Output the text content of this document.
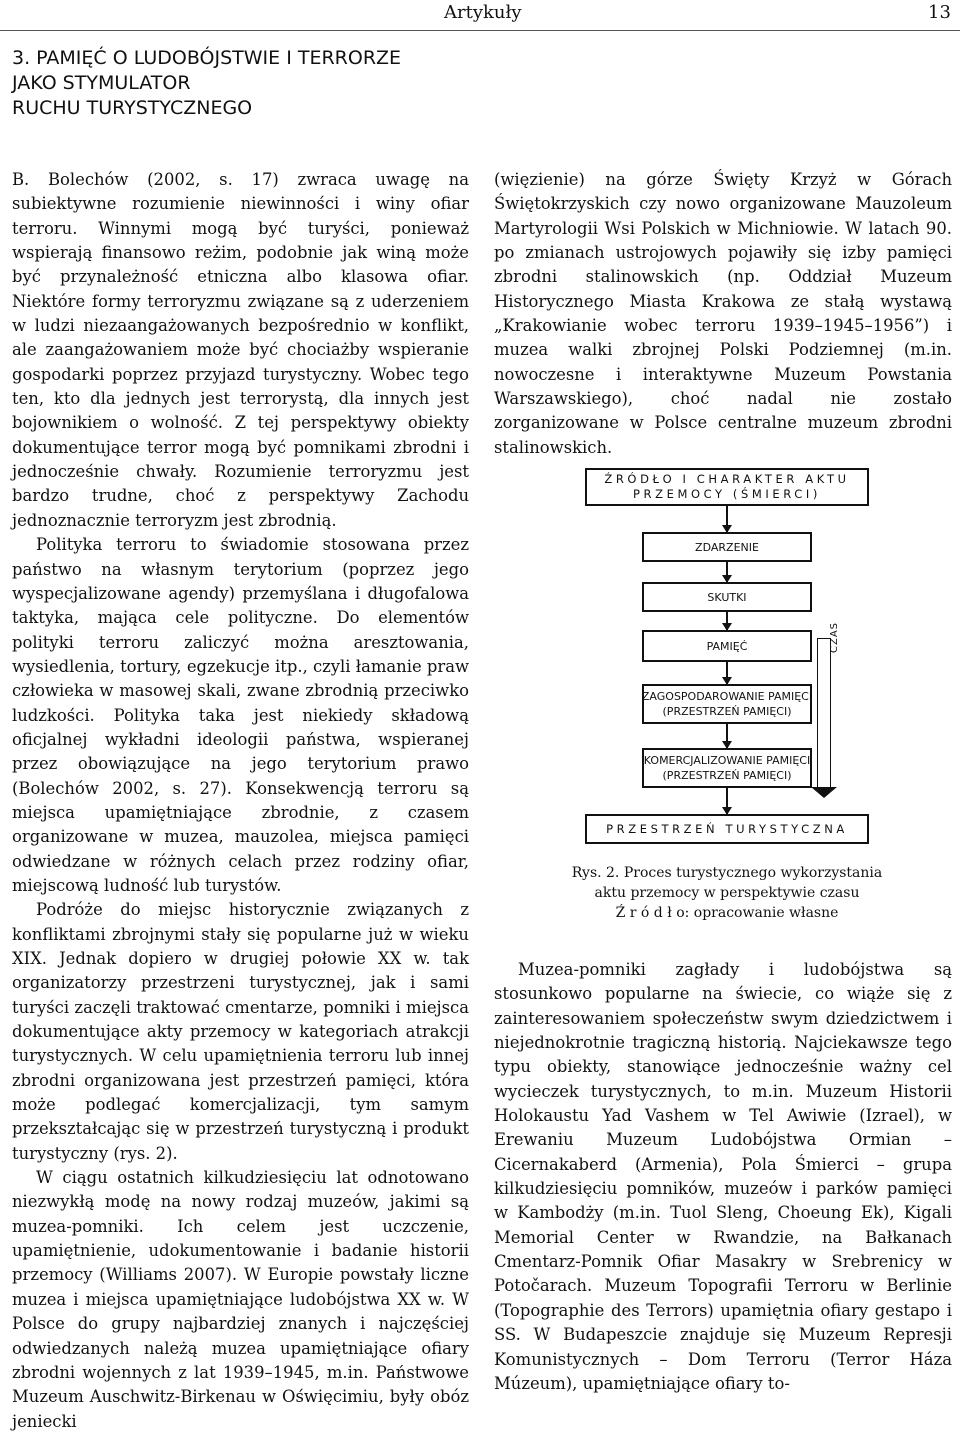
Artykuły	13
3. PAMIĘĆ O LUDOBÓJSTWIE I TERRORZE
JAKO STYMULATOR
RUCHU TURYSTYCZNEGO

B. Bolechów (2002, s. 17) zwraca uwagę na subiektywne rozumienie niewinności i winy ofiar terroru. Winnymi mogą być turyści, ponieważ wspierają finansowo reżim, podobnie jak winą może być przynależność etniczna albo klasowa ofiar. Niektóre formy terroryzmu związane są z uderzeniem w ludzi niezaangażowanych bezpośrednio w konflikt, ale zaangażowaniem może być chociażby wspieranie gospodarki poprzez przyjazd turystyczny. Wobec tego ten, kto dla jednych jest terrorystą, dla innych jest bojownikiem o wolność. Z tej perspektywy obiekty dokumentujące terror mogą być pomnikami zbrodni i jednocześnie chwały. Rozumienie terroryzmu jest bardzo trudne, choć z perspektywy Zachodu jednoznacznie terroryzm jest zbrodnią.

Polityka terroru to świadomie stosowana przez państwo na własnym terytorium (poprzez jego wyspecjalizowane agendy) przemyślana i długofalowa taktyka, mająca cele polityczne. Do elementów polityki terroru zaliczyć można aresztowania, wysiedlenia, tortury, egzekucje itp., czyli łamanie praw człowieka w masowej skali, zwane zbrodnią przeciwko ludzkości. Polityka taka jest niekiedy składową oficjalnej wykładni ideologii państwa, wspieranej przez obowiązujące na jego terytorium prawo (Bolechów 2002, s. 27). Konsekwencją terroru są miejsca upamiętniające zbrodnie, z czasem organizowane w muzea, mauzolea, miejsca pamięci odwiedzane w różnych celach przez rodziny ofiar, miejscową ludność lub turystów.

Podróże do miejsc historycznie związanych z konfliktami zbrojnymi stały się popularne już w wieku XIX. Jednak dopiero w drugiej połowie XX w. tak organizatorzy przestrzeni turystycznej, jak i sami turyści zaczęli traktować cmentarze, pomniki i miejsca dokumentujące akty przemocy w kategoriach atrakcji turystycznych. W celu upamiętnienia terroru lub innej zbrodni organizowana jest przestrzeń pamięci, która może podlegać komercjalizacji, tym samym przekształcając się w przestrzeń turystyczną i produkt turystyczny (rys. 2).

W ciągu ostatnich kilkudziesięciu lat odnotowano niezwykłą modę na nowy rodzaj muzeów, jakimi są muzea-pomniki. Ich celem jest uczczenie, upamiętnienie, udokumentowanie i badanie historii przemocy (Williams 2007). W Europie powstały liczne muzea i miejsca upamiętniające ludobójstwa XX w. W Polsce do grupy najbardziej znanych i najczęściej odwiedzanych należą muzea upamiętniające ofiary zbrodni wojennych z lat 1939–1945, m.in. Państwowe Muzeum Auschwitz-Birkenau w Oświęcimiu, były obóz jeniecki

(więzienie) na górze Święty Krzyż w Górach Świętokrzyskich czy nowo organizowane Mauzoleum Martyrologii Wsi Polskich w Michniowie. W latach 90. po zmianach ustrojowych pojawiły się izby pamięci zbrodni stalinowskich (np. Oddział Muzeum Historycznego Miasta Krakowa ze stałą wystawą „Krakowianie wobec terroru 1939–1945–1956”) i muzea walki zbrojnej Polski Podziemnej (m.in. nowoczesne i interaktywne Muzeum Powstania Warszawskiego), choć nadal nie zostało zorganizowane w Polsce centralne muzeum zbrodni stalinowskich.

ŹRÓDŁO I CHARAKTER AKTU
PRZEMOCY (ŚMIERCI)
ZDARZENIE
SKUTKI
PAMIĘĆ
ZAGOSPODAROWANIE PAMIĘCI
(PRZESTRZEŃ PAMIĘCI)
KOMERCJALIZOWANIE PAMIĘCI
(PRZESTRZEŃ PAMIĘCI)
PRZESTRZEŃ TURYSTYCZNA
CZAS
Rys. 2. Proces turystycznego wykorzystania
aktu przemocy w perspektywie czasu
Ź r ó d ł o: opracowanie własne

Muzea-pomniki zagłady i ludobójstwa są stosunkowo popularne na świecie, co wiąże się z zainteresowaniem społeczeństw swym dziedzictwem i niejednokrotnie tragiczną historią. Najciekawsze tego typu obiekty, stanowiące jednocześnie ważny cel wycieczek turystycznych, to m.in. Muzeum Historii Holokaustu Yad Vashem w Tel Awiwie (Izrael), w Erewaniu Muzeum Ludobójstwa Ormian – Cicernakaberd (Armenia), Pola Śmierci – grupa kilkudziesięciu pomników, muzeów i parków pamięci w Kambodży (m.in. Tuol Sleng, Choeung Ek), Kigali Memorial Center w Rwandzie, na Bałkanach Cmentarz-Pomnik Ofiar Masakry w Srebrenicy w Potočarach. Muzeum Topografii Terroru w Berlinie (Topographie des Terrors) upamiętnia ofiary gestapo i SS. W Budapeszcie znajduje się Muzeum Represji Komunistycznych – Dom Terroru (Terror Háza Múzeum), upamiętniające ofiary to-
